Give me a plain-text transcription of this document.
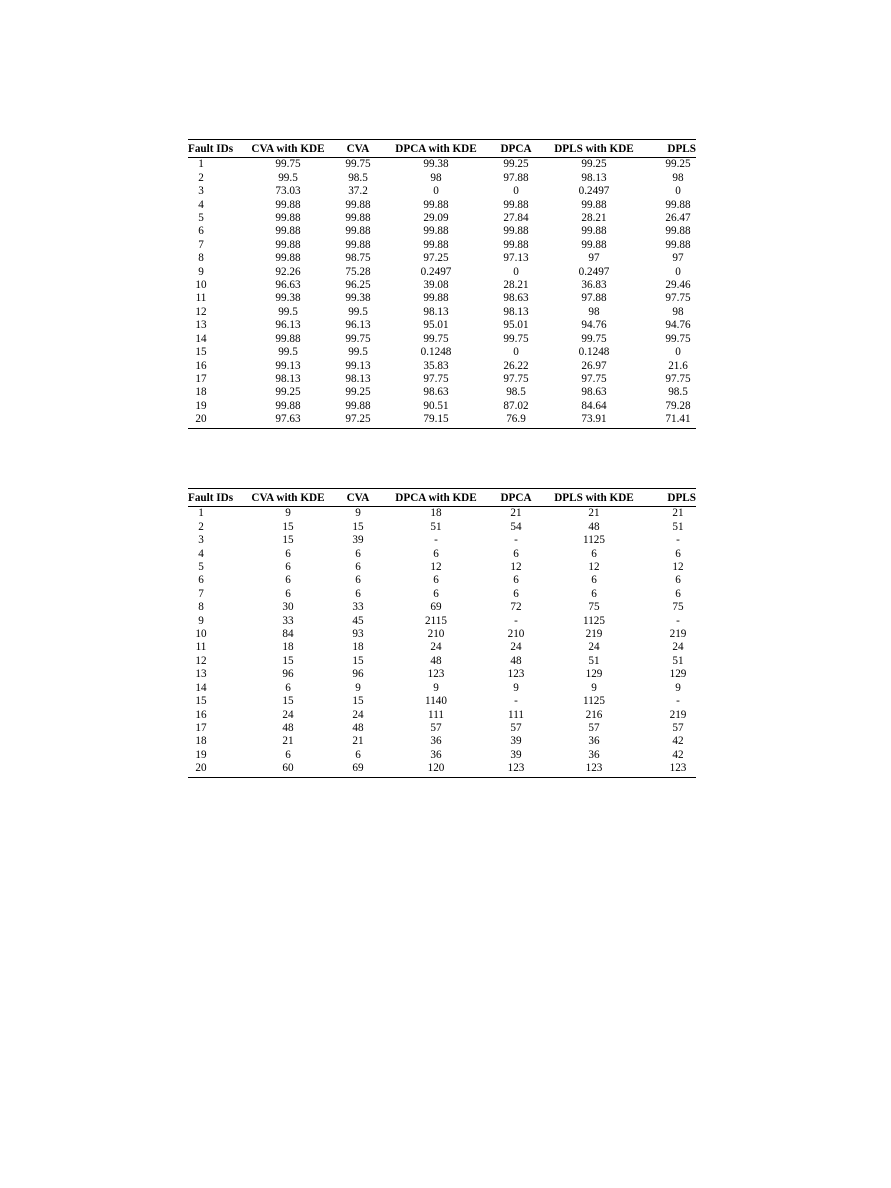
Fault IDs	CVA with KDE	CVA	DPCA with KDE	DPCA	DPLS with KDE	DPLS
1	99.75	99.75	99.38	99.25	99.25	99.25
2	99.5	98.5	98	97.88	98.13	98
3	73.03	37.2	0	0	0.2497	0
4	99.88	99.88	99.88	99.88	99.88	99.88
5	99.88	99.88	29.09	27.84	28.21	26.47
6	99.88	99.88	99.88	99.88	99.88	99.88
7	99.88	99.88	99.88	99.88	99.88	99.88
8	99.88	98.75	97.25	97.13	97	97
9	92.26	75.28	0.2497	0	0.2497	0
10	96.63	96.25	39.08	28.21	36.83	29.46
11	99.38	99.38	99.88	98.63	97.88	97.75
12	99.5	99.5	98.13	98.13	98	98
13	96.13	96.13	95.01	95.01	94.76	94.76
14	99.88	99.75	99.75	99.75	99.75	99.75
15	99.5	99.5	0.1248	0	0.1248	0
16	99.13	99.13	35.83	26.22	26.97	21.6
17	98.13	98.13	97.75	97.75	97.75	97.75
18	99.25	99.25	98.63	98.5	98.63	98.5
19	99.88	99.88	90.51	87.02	84.64	79.28
20	97.63	97.25	79.15	76.9	73.91	71.41
Fault IDs	CVA with KDE	CVA	DPCA with KDE	DPCA	DPLS with KDE	DPLS
1	9	9	18	21	21	21
2	15	15	51	54	48	51
3	15	39	-	-	1125	-
4	6	6	6	6	6	6
5	6	6	12	12	12	12
6	6	6	6	6	6	6
7	6	6	6	6	6	6
8	30	33	69	72	75	75
9	33	45	2115	-	1125	-
10	84	93	210	210	219	219
11	18	18	24	24	24	24
12	15	15	48	48	51	51
13	96	96	123	123	129	129
14	6	9	9	9	9	9
15	15	15	1140	-	1125	-
16	24	24	111	111	216	219
17	48	48	57	57	57	57
18	21	21	36	39	36	42
19	6	6	36	39	36	42
20	60	69	120	123	123	123
